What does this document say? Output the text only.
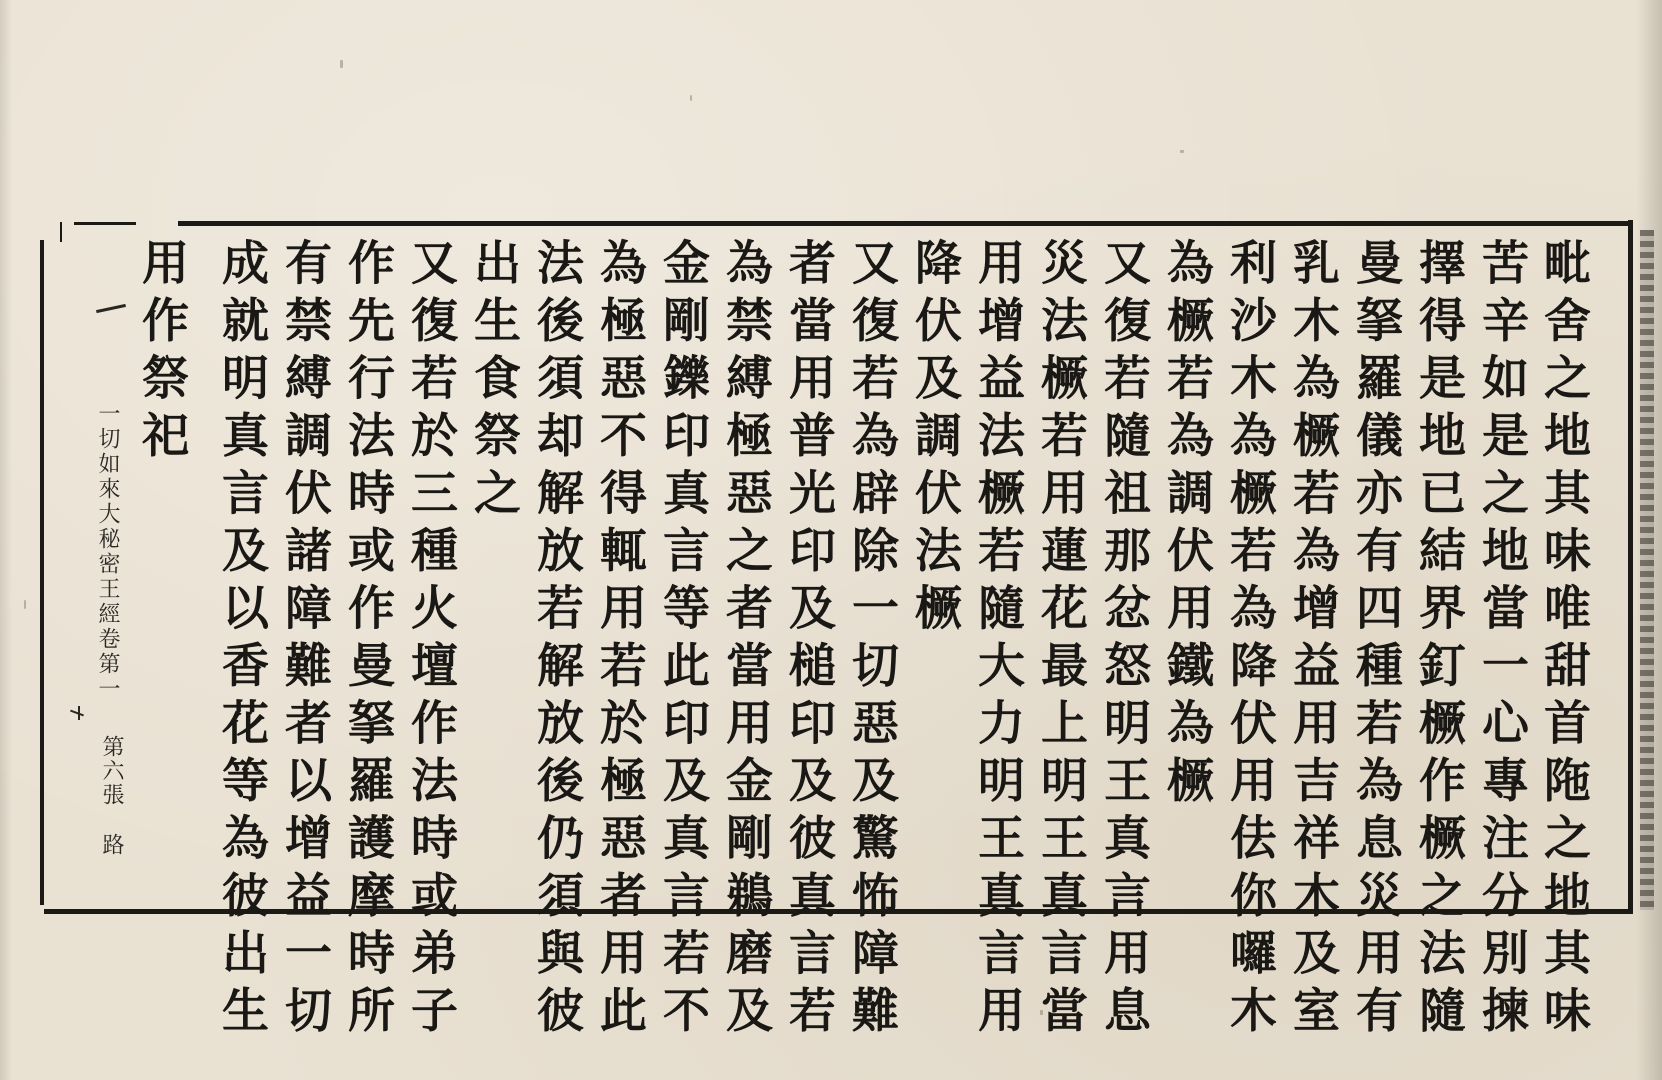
毗舍之地其味唯甜首陁之地其味
苦辛如是之地當一心專注分別揀
擇得是地已結界釘橛作橛之法隨
曼拏羅儀亦有四種若為息災用有
乳木為橛若為增益用吉祥木及室
利沙木為橛若為降伏用佉你囉木
為橛若為調伏用鐵為橛
又復若隨祖那忿怒明王真言用息
災法橛若用蓮花最上明王真言當
用增益法橛若隨大力明王真言用
降伏及調伏法橛
又復若為辟除一切惡及驚怖障難
者當用普光印及槌印及彼真言若
為禁縛極惡之者當用金剛鵜磨及
金剛鑠印真言等此印及真言若不
為極惡不得輒用若於極惡者用此
法後須却解放若解放後仍須與彼
出生食祭之
又復若於三種火壇作法時或弟子
作先行法時或作曼拏羅護摩時所
有禁縛調伏諸障難者以增益一切
成就明真言及以香花等為彼出生
用作祭祀
一切如來大秘密王經卷第一
第六張路
